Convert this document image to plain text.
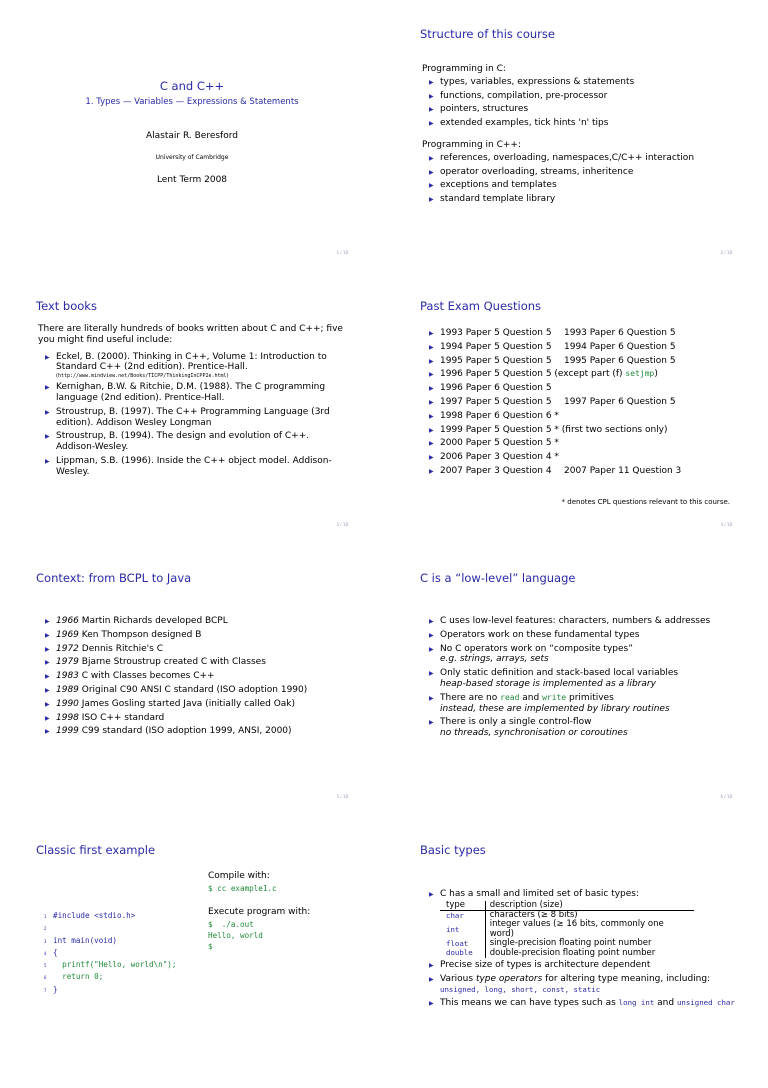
C and C++
1. Types — Variables — Expressions & Statements
Alastair R. Beresford
University of Cambridge
Lent Term 2008
1 / 18
Structure of this course
Programming in C:
▶ types, variables, expressions & statements
▶ functions, compilation, pre-processor
▶ pointers, structures
▶ extended examples, tick hints 'n' tips
Programming in C++:
▶ references, overloading, namespaces,C/C++ interaction
▶ operator overloading, streams, inheritence
▶ exceptions and templates
▶ standard template library
2 / 18
Text books
There are literally hundreds of books written about C and C++; five you might find useful include:
▶ Eckel, B. (2000). Thinking in C++, Volume 1: Introduction to Standard C++ (2nd edition). Prentice-Hall.
(http://www.mindview.net/Books/TICPP/ThinkingInCPP2e.html)
▶ Kernighan, B.W. & Ritchie, D.M. (1988). The C programming language (2nd edition). Prentice-Hall.
▶ Stroustrup, B. (1997). The C++ Programming Language (3rd edition). Addison Wesley Longman
▶ Stroustrup, B. (1994). The design and evolution of C++. Addison-Wesley.
▶ Lippman, S.B. (1996). Inside the C++ object model. Addison-Wesley.
3 / 18
Past Exam Questions
▶ 1993 Paper 5 Question 5 1993 Paper 6 Question 5
▶ 1994 Paper 5 Question 5 1994 Paper 6 Question 5
▶ 1995 Paper 5 Question 5 1995 Paper 6 Question 5
▶ 1996 Paper 5 Question 5 (except part (f) setjmp)
▶ 1996 Paper 6 Question 5
▶ 1997 Paper 5 Question 5 1997 Paper 6 Question 5
▶ 1998 Paper 6 Question 6 *
▶ 1999 Paper 5 Question 5 * (first two sections only)
▶ 2000 Paper 5 Question 5 *
▶ 2006 Paper 3 Question 4 *
▶ 2007 Paper 3 Question 4 2007 Paper 11 Question 3
* denotes CPL questions relevant to this course.
4 / 18
Context: from BCPL to Java
▶ 1966 Martin Richards developed BCPL
▶ 1969 Ken Thompson designed B
▶ 1972 Dennis Ritchie's C
▶ 1979 Bjarne Stroustrup created C with Classes
▶ 1983 C with Classes becomes C++
▶ 1989 Original C90 ANSI C standard (ISO adoption 1990)
▶ 1990 James Gosling started Java (initially called Oak)
▶ 1998 ISO C++ standard
▶ 1999 C99 standard (ISO adoption 1999, ANSI, 2000)
5 / 18
C is a “low-level” language
▶ C uses low-level features: characters, numbers & addresses
▶ Operators work on these fundamental types
▶ No C operators work on “composite types”
e.g. strings, arrays, sets
▶ Only static definition and stack-based local variables
heap-based storage is implemented as a library
▶ There are no read and write primitives
instead, these are implemented by library routines
▶ There is only a single control-flow
no threads, synchronisation or coroutines
6 / 18
Classic first example
1 #include <stdio.h>
2
3 int main(void)
4 {
5  printf("Hello, world\n");
6  return 0;
7 }
Compile with:
$ cc example1.c
Execute program with:
$  ./a.out
Hello, world
$
Basic types
▶ C has a small and limited set of basic types:
type	description (size)
char	characters (≥ 8 bits)
int	integer values (≥ 16 bits, commonly one word)
float	single-precision floating point number
double	double-precision floating point number
▶ Precise size of types is architecture dependent
▶ Various type operators for altering type meaning, including:
unsigned, long, short, const, static
▶ This means we can have types such as long int and unsigned char
